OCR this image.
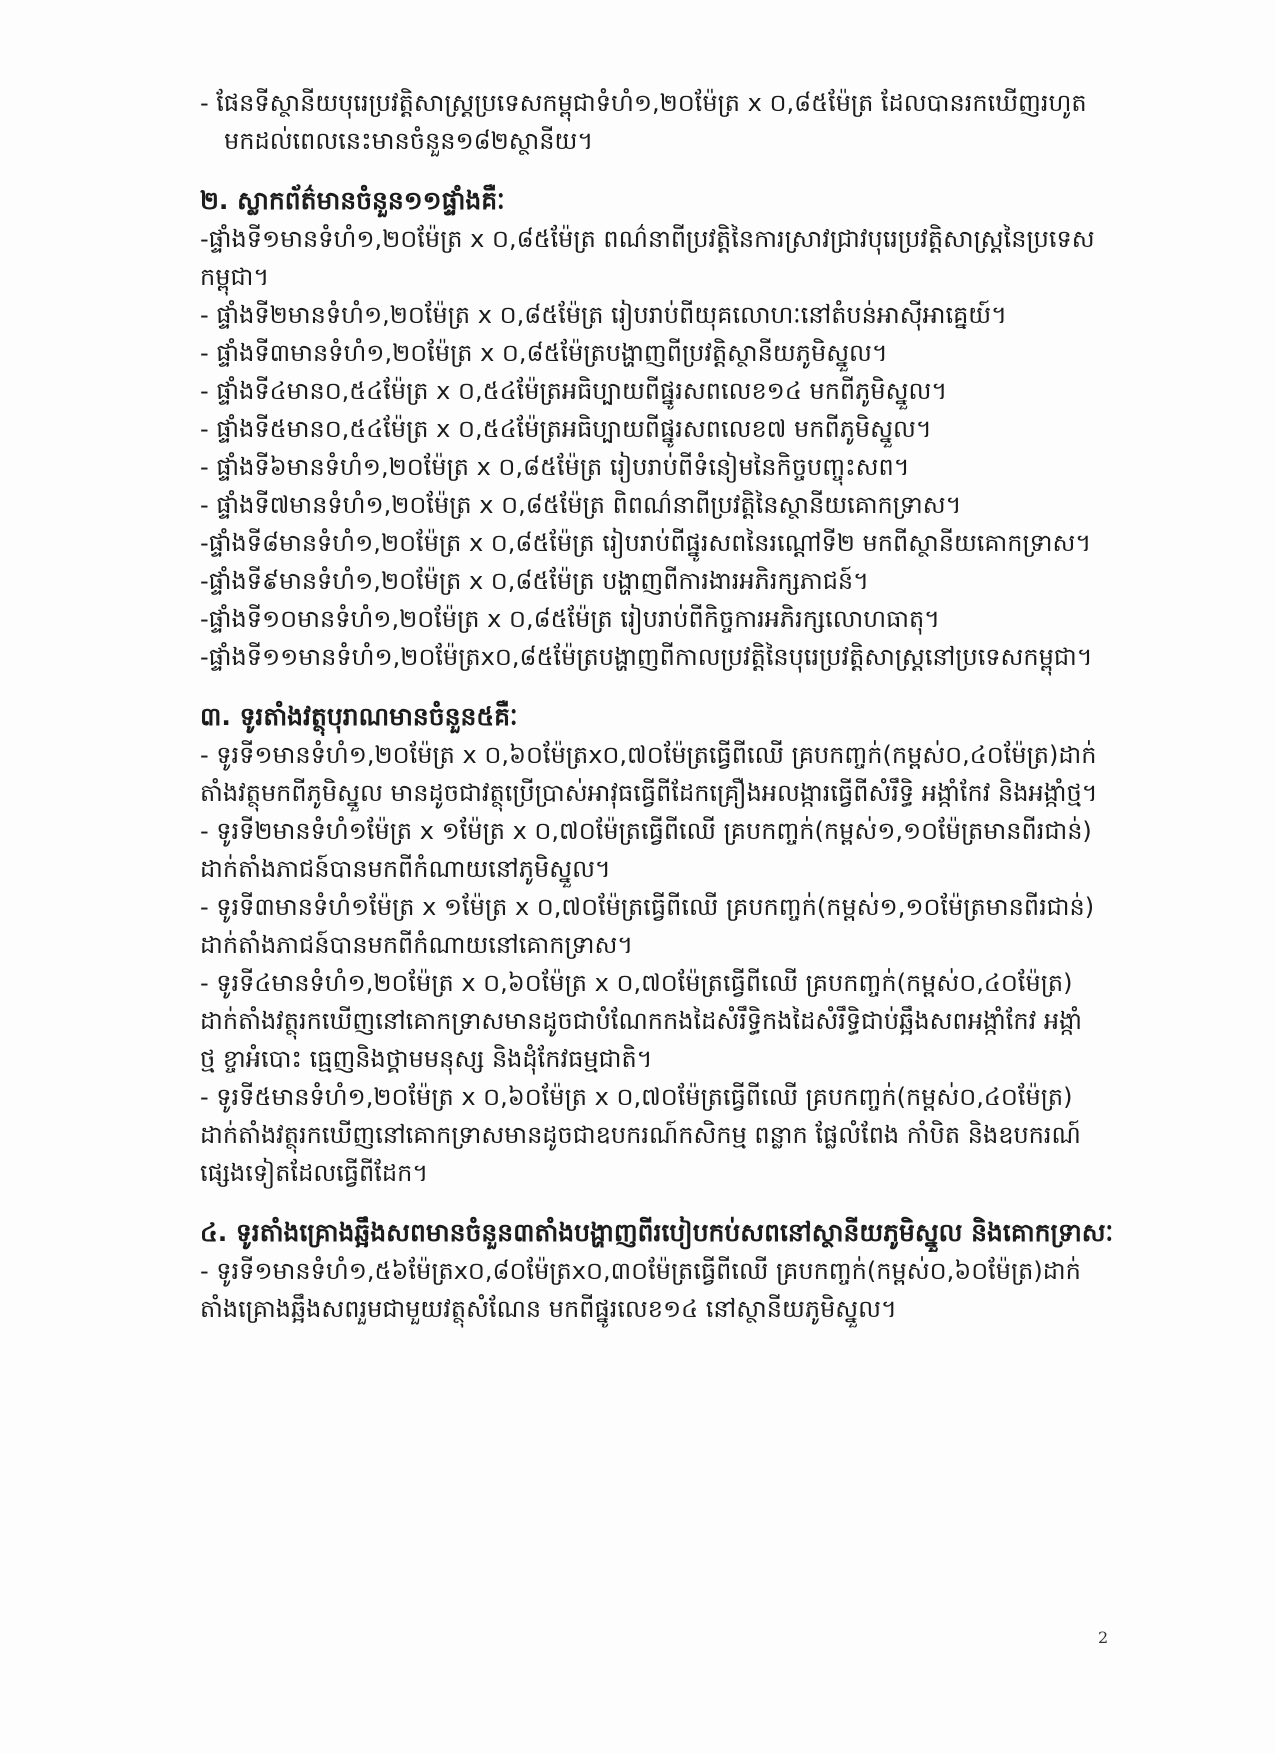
- ផែនទីស្ថានីយបុរេប្រវត្តិសាស្ត្រប្រទេសកម្ពុជាទំហំ១,២០ម៉ែត្រ x ០,៨៥ម៉ែត្រ ដែលបានរកឃើញរហូត
មកដល់ពេលនេះមានចំនួន១៨២ស្ថានីយ។
២. ស្លាកព័ត៌មានចំនួន១១ផ្ទាំងគឺៈ
-ផ្ទាំងទី១មានទំហំ១,២០ម៉ែត្រ x ០,៨៥ម៉ែត្រ ពណ៌នាពីប្រវត្តិនៃការស្រាវជ្រាវបុរេប្រវត្តិសាស្ត្រនៃប្រទេស
កម្ពុជា។
- ផ្ទាំងទី២មានទំហំ១,២០ម៉ែត្រ x ០,៨៥ម៉ែត្រ រៀបរាប់ពីយុគលោហៈនៅតំបន់អាស៊ីអាគ្នេយ៍។
- ផ្ទាំងទី៣មានទំហំ១,២០ម៉ែត្រ x ០,៨៥ម៉ែត្របង្ហាញពីប្រវត្តិស្ថានីយភូមិស្នួល។
- ផ្ទាំងទី៤មាន០,៥៤ម៉ែត្រ x ០,៥៤ម៉ែត្រអធិប្បាយពីផ្នូរសពលេខ១៤ មកពីភូមិស្នួល។
- ផ្ទាំងទី៥មាន០,៥៤ម៉ែត្រ x ០,៥៤ម៉ែត្រអធិប្បាយពីផ្នូរសពលេខ៧ មកពីភូមិស្នួល។
- ផ្ទាំងទី៦មានទំហំ១,២០ម៉ែត្រ x ០,៨៥ម៉ែត្រ រៀបរាប់ពីទំនៀមនៃកិច្ចបញ្ចុះសព។
- ផ្ទាំងទី៧មានទំហំ១,២០ម៉ែត្រ x ០,៨៥ម៉ែត្រ ពិពណ៌នាពីប្រវត្តិនៃស្ថានីយគោកទ្រាស។
-ផ្ទាំងទី៨មានទំហំ១,២០ម៉ែត្រ x ០,៨៥ម៉ែត្រ រៀបរាប់ពីផ្នូរសពនៃរណ្តៅទី២ មកពីស្ថានីយគោកទ្រាស។
-ផ្ទាំងទី៩មានទំហំ១,២០ម៉ែត្រ x ០,៨៥ម៉ែត្រ បង្ហាញពីការងារអភិរក្សភាជន៍។
-ផ្ទាំងទី១០មានទំហំ១,២០ម៉ែត្រ x ០,៨៥ម៉ែត្រ រៀបរាប់ពីកិច្ចការអភិរក្សលោហធាតុ។
-ផ្ទាំងទី១១មានទំហំ១,២០ម៉ែត្រx០,៨៥ម៉ែត្របង្ហាញពីកាលប្រវត្តិនៃបុរេប្រវត្តិសាស្ត្រនៅប្រទេសកម្ពុជា។
៣. ទូរតាំងវត្ថុបុរាណមានចំនួន៥គឺៈ
- ទូរទី១មានទំហំ១,២០ម៉ែត្រ x ០,៦០ម៉ែត្រx០,៧០ម៉ែត្រធ្វើពីឈើ គ្របកញ្ចក់(កម្ពស់០,៤០ម៉ែត្រ)ដាក់
តាំងវត្ថុមកពីភូមិស្នួល មានដូចជាវត្ថុប្រើប្រាស់អាវុធធ្វើពីដែកគ្រឿងអលង្ការធ្វើពីសំរឹទ្ធិ អង្កាំកែវ និងអង្កាំថ្ម។
- ទូរទី២មានទំហំ១ម៉ែត្រ x ១ម៉ែត្រ x ០,៧០ម៉ែត្រធ្វើពីឈើ គ្របកញ្ចក់(កម្ពស់១,១០ម៉ែត្រមានពីរជាន់)
ដាក់តាំងភាជន៍បានមកពីកំណាយនៅភូមិស្នួល។
- ទូរទី៣មានទំហំ១ម៉ែត្រ x ១ម៉ែត្រ x ០,៧០ម៉ែត្រធ្វើពីឈើ គ្របកញ្ចក់(កម្ពស់១,១០ម៉ែត្រមានពីរជាន់)
ដាក់តាំងភាជន៍បានមកពីកំណាយនៅគោកទ្រាស។
- ទូរទី៤មានទំហំ១,២០ម៉ែត្រ x ០,៦០ម៉ែត្រ x ០,៧០ម៉ែត្រធ្វើពីឈើ គ្របកញ្ចក់(កម្ពស់០,៤០ម៉ែត្រ)
ដាក់តាំងវត្ថុរកឃើញនៅគោកទ្រាសមានដូចជាបំណែកកងដៃសំរឹទ្ធិកងដៃសំរឹទ្ធិជាប់ឆ្អឹងសពអង្កាំកែវ អង្កាំ
ថ្ម ខ្ចាអំបោះ ធ្មេញនិងថ្គាមមនុស្ស និងដុំកែវធម្មជាតិ។
- ទូរទី៥មានទំហំ១,២០ម៉ែត្រ x ០,៦០ម៉ែត្រ x ០,៧០ម៉ែត្រធ្វើពីឈើ គ្របកញ្ចក់(កម្ពស់០,៤០ម៉ែត្រ)
ដាក់តាំងវត្ថុរកឃើញនៅគោកទ្រាសមានដូចជាឧបករណ៍កសិកម្ម ពន្លាក ផ្លែលំពែង កាំបិត និងឧបករណ៍
ផ្សេងទៀតដែលធ្វើពីដែក។
៤. ទូរតាំងគ្រោងឆ្អឹងសពមានចំនួន៣តាំងបង្ហាញពីរបៀបកប់សពនៅស្ថានីយភូមិស្នួល និងគោកទ្រាសៈ
- ទូរទី១មានទំហំ១,៥៦ម៉ែត្រx០,៨០ម៉ែត្រx០,៣០ម៉ែត្រធ្វើពីឈើ គ្របកញ្ចក់(កម្ពស់០,៦០ម៉ែត្រ)ដាក់
តាំងគ្រោងឆ្អឹងសពរួមជាមួយវត្ថុសំណែន មកពីផ្នូរលេខ១៤ នៅស្ថានីយភូមិស្នួល។
2
